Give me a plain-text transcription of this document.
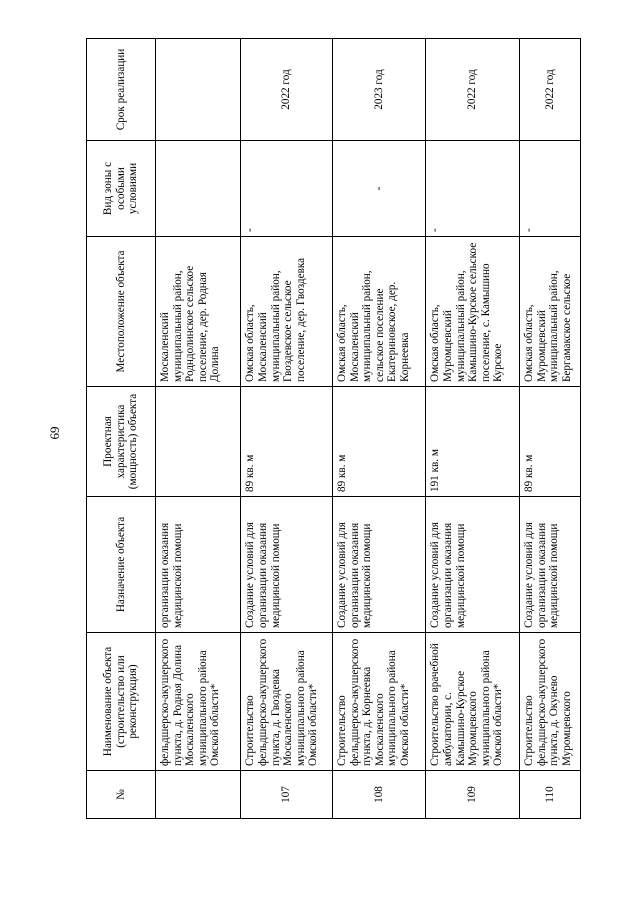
69
№	Наименование объекта (строительство или реконструкция)	Назначение объекта	Проектная характеристика (мощность) объекта	Местоположение объекта	Вид зоны с особыми условиями	Срок реализации
	фельдшерско-акушерского пункта, д. Родная Долина Москаленского муниципального района Омской области*	организации оказания медицинской помощи		Москаленский муниципальный район, Родндолинское сельское поселение, дер. Родная Долина		
107	Строительство фельдшерско-акушерского пункта, д. Гвоздевка Москаленского муниципального района Омской области*	Создание условий для организации оказания медицинской помощи	89 кв. м	Омская область, Москаленский муниципальный район, Гвоздевское сельское поселение, дер. Гвоздевка	-	2022 год
108	Строительство фельдшерско-акушерского пункта, д. Корнеевка Москаленского муниципального района Омской области*	Создание условий для организации оказания медицинской помощи	89 кв. м	Омская область, Москаленский муниципальный район, сельское поселение Екатериновское, дер. Корнеевка	-	2023 год
109	Строительство врачебной амбулатории, с. Камышино-Курское Муромцевского муниципального района Омской области*	Создание условий для организации оказания медицинской помощи	191 кв. м	Омская область, Муромцевский муниципальный район, Камышино-Курское сельское поселение, с. Камышино Курское	-	2022 год
110	Строительство фельдшерско-акушерского пункта, д. Окунево Муромцевского	Создание условий для организации оказания медицинской помощи	89 кв. м	Омская область, Муромцевский муниципальный район, Бергамакское сельское	-	2022 год
